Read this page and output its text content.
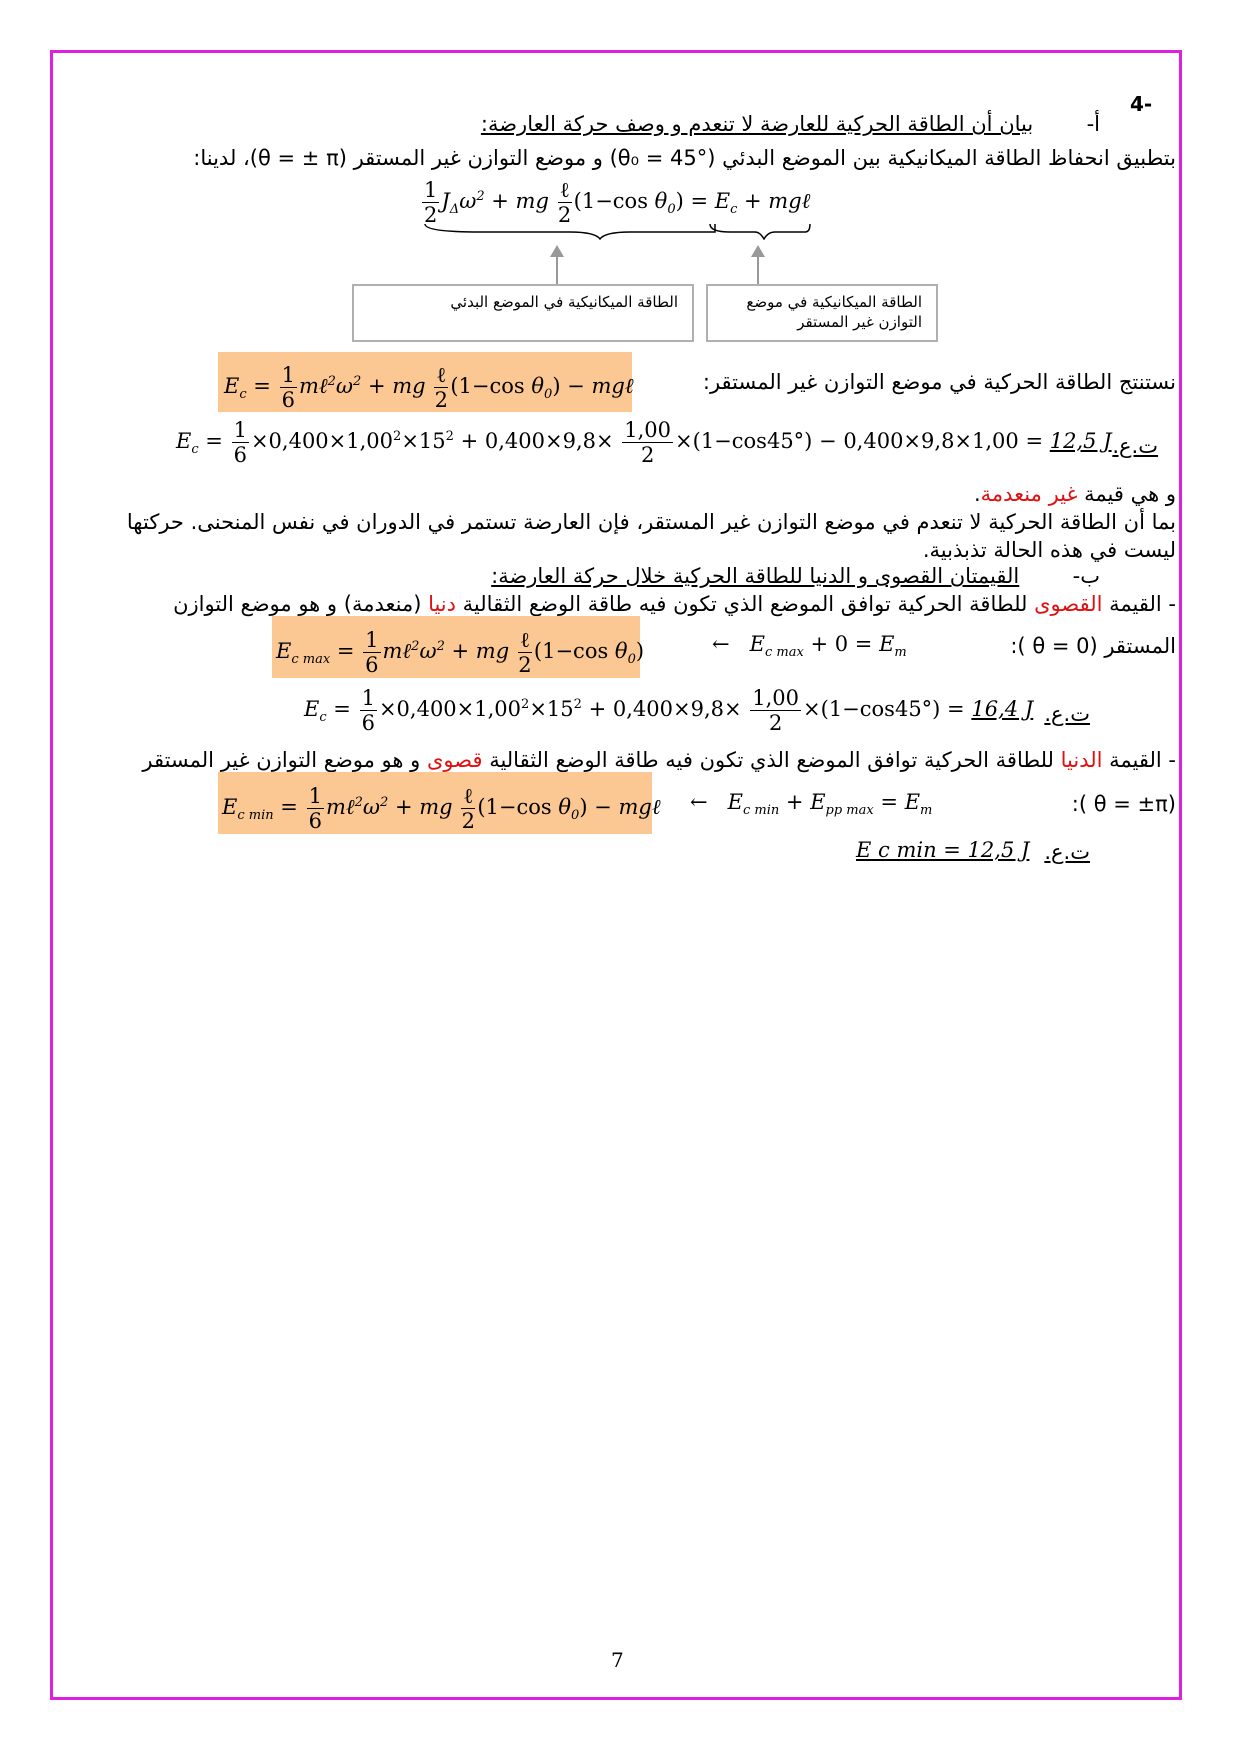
4-
أ-  بيان أن الطاقة الحركية للعارضة لا تنعدم و وصف حركة العارضة:
بتطبيق انحفاظ الطاقة الميكانيكية بين الموضع البدئي (θ₀ = 45°) و موضع التوازن غير المستقر (θ = ± π)، لدينا:
$\frac{1}{2} J_\Delta\omega^2$ + mg $\frac{\text{ℓ}}{2} (1-\cos$ $\theta_0) = E_c$ + mgℓ
الطاقة الميكانيكية في الموضع البدئي	الطاقة الميكانيكية في موضع التوازن غير المستقر
نستنتج الطاقة الحركية في موضع التوازن غير المستقر:
$E_c = \frac{1}{6}$ $m\ell^2\omega^2$ + mg $\frac{\text{ℓ}}{2} (1-\cos$ $\theta_0$) − mgℓ
$E_c = \frac{1}{6} \times 0,400\times 1,00^2\times 15^2 + 0,400\times 9,8\times \frac{1,00}{2} \times(1-\cos 45^\circ) - 0,400\times 9,8\times 1,00 = 12,5$ J ت.ع.
و هي قيمة غير منعدمة.
بما أن الطاقة الحركية لا تنعدم في موضع التوازن غير المستقر، فإن العارضة تستمر في الدوران في نفس المنحنى. حركتها
ليست في هذه الحالة تذبذبية.
ب-  القيمتان القصوى و الدنيا للطاقة الحركية خلال حركة العارضة:
- القيمة القصوى للطاقة الحركية توافق الموضع الذي تكون فيه طاقة الوضع الثقالية دنيا (منعدمة) و هو موضع التوازن
المستقر (θ = 0 ):
←   $E_{c max} + 0 = E_m$
$E_{c max} = \frac{1}{6}$ $m\ell^2\omega^2$ + mg $\frac{\text{ℓ}}{2} (1-\cos$ $\theta_0$)
$E_c = \frac{1}{6} \times 0,400\times 1,00^2\times 15^2 + 0,400\times 9,8\times \frac{1,00}{2} \times(1-\cos 45^\circ) = 16,4$ J ت.ع.
- القيمة الدنيا للطاقة الحركية توافق الموضع الذي تكون فيه طاقة الوضع الثقالية قصوى و هو موضع التوازن غير المستقر
(θ = ±π ):
←   $E_{c min} + E_{pp max} = E_m$
$E_{c min} = \frac{1}{6}$ $m\ell^2\omega^2$ + mg $\frac{\text{ℓ}}{2} (1-\cos$ $\theta_0$) − mgℓ
E c min = 12,5 J ت.ع.
7
